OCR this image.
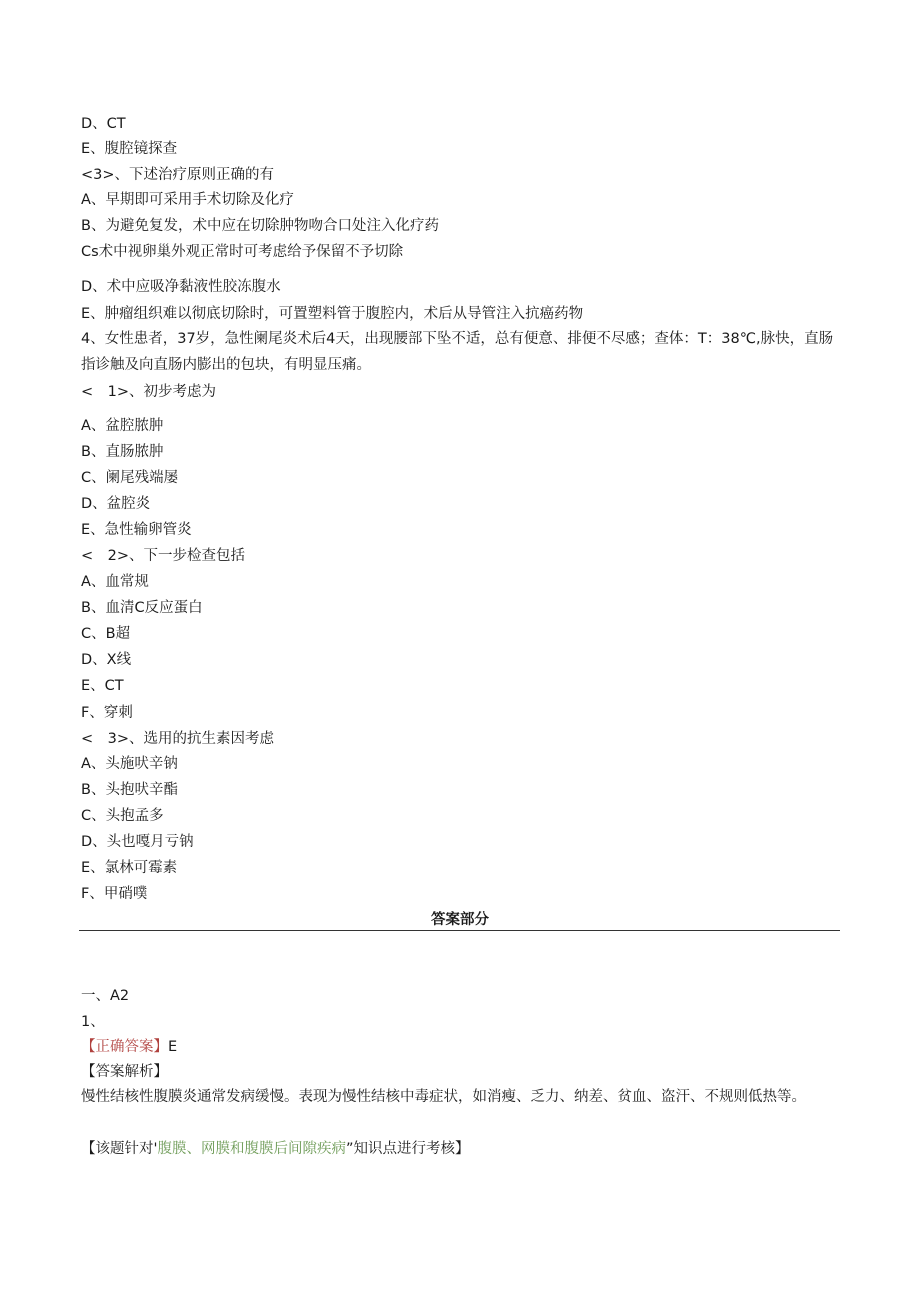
D、CT

E、腹腔镜探查

<3>、下述治疗原则正确的有

A、早期即可采用手术切除及化疗

B、为避免复发，术中应在切除肿物吻合口处注入化疗药

Cs术中视卵巢外观正常时可考虑给予保留不予切除

D、术中应吸净黏液性胶冻腹水

E、肿瘤组织难以彻底切除时，可置塑料管于腹腔内，术后从导管注入抗癌药物

4、女性患者，37岁，急性阑尾炎术后4天，出现腰部下坠不适，总有便意、排便不尽感；查体：T：38℃,脉快，直肠指诊触及向直肠内膨出的包块，有明显压痛。

<　1>、初步考虑为

A、盆腔脓肿

B、直肠脓肿

C、阑尾残端屡

D、盆腔炎

E、急性输卵管炎

<　2>、下一步检查包括

A、血常规

B、血清C反应蛋白

C、B超

D、X线

E、CT

F、穿刺

<　3>、选用的抗生素因考虑

A、头施吠辛钠

B、头抱吠辛酯

C、头抱孟多

D、头也嘎月亏钠

E、氯林可霉素

F、甲硝噗

答案部分

一、A2

1、

【正确答案】E

【答案解析】

慢性结核性腹膜炎通常发病缓慢。表现为慢性结核中毒症状，如消瘦、乏力、纳差、贫血、盗汗、不规则低热等。

【该题针对'腹膜、网膜和腹膜后间隙疾病”知识点进行考核】
